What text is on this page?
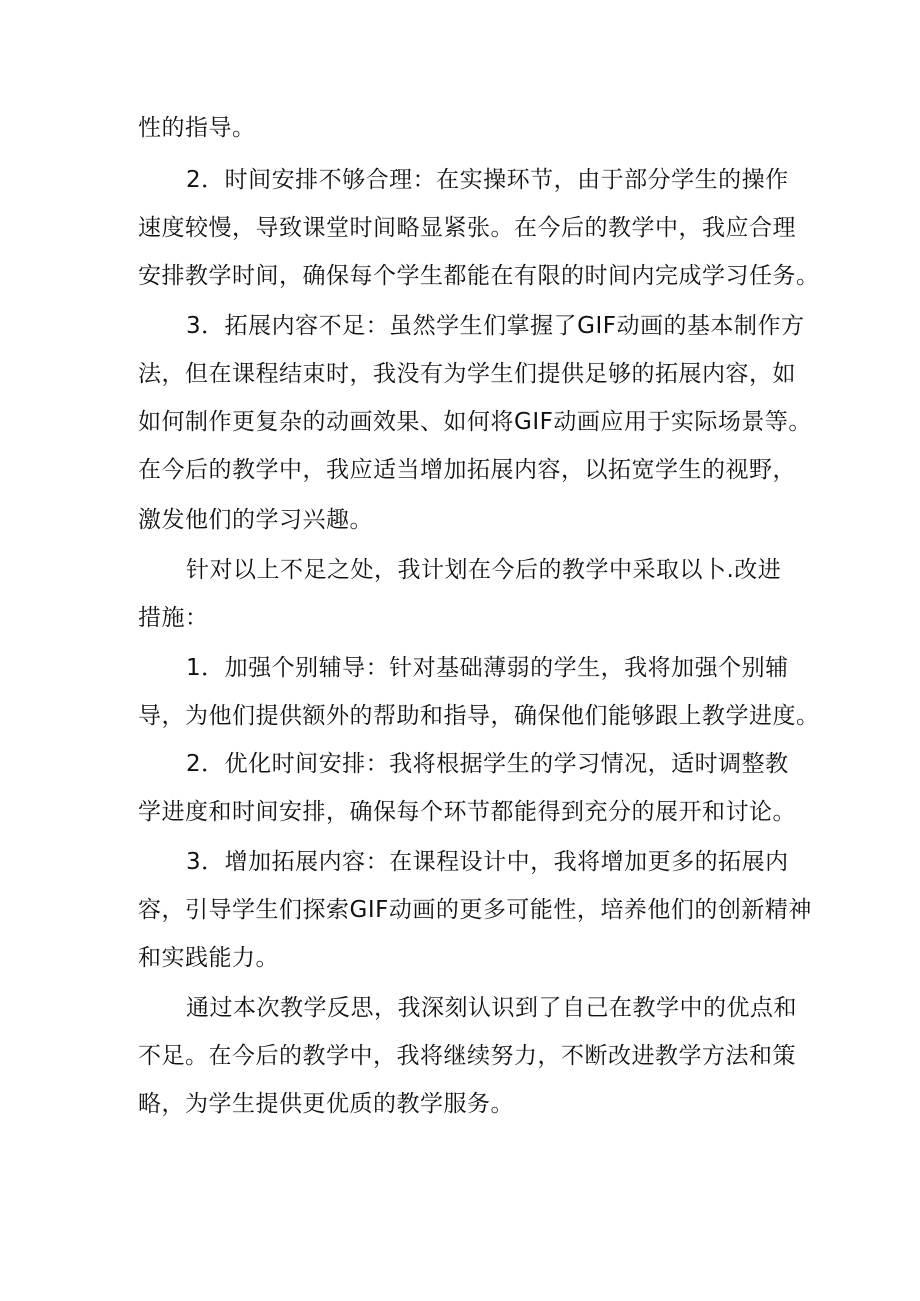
性的指导。
2．时间安排不够合理：在实操环节，由于部分学生的操作
速度较慢，导致课堂时间略显紧张。在今后的教学中，我应合理
安排教学时间，确保每个学生都能在有限的时间内完成学习任务。
3．拓展内容不足：虽然学生们掌握了GIF动画的基本制作方
法，但在课程结束时，我没有为学生们提供足够的拓展内容，如
如何制作更复杂的动画效果、如何将GIF动画应用于实际场景等。
在今后的教学中，我应适当增加拓展内容，以拓宽学生的视野，
激发他们的学习兴趣。
针对以上不足之处，我计划在今后的教学中采取以卜.改进
措施：
1．加强个别辅导：针对基础薄弱的学生，我将加强个别辅
导，为他们提供额外的帮助和指导，确保他们能够跟上教学进度。
2．优化时间安排：我将根据学生的学习情况，适时调整教
学进度和时间安排，确保每个环节都能得到充分的展开和讨论。
3．增加拓展内容：在课程设计中，我将增加更多的拓展内
容，引导学生们探索GIF动画的更多可能性，培养他们的创新精神
和实践能力。
通过本次教学反思，我深刻认识到了自己在教学中的优点和
不足。在今后的教学中，我将继续努力，不断改进教学方法和策
略，为学生提供更优质的教学服务。
